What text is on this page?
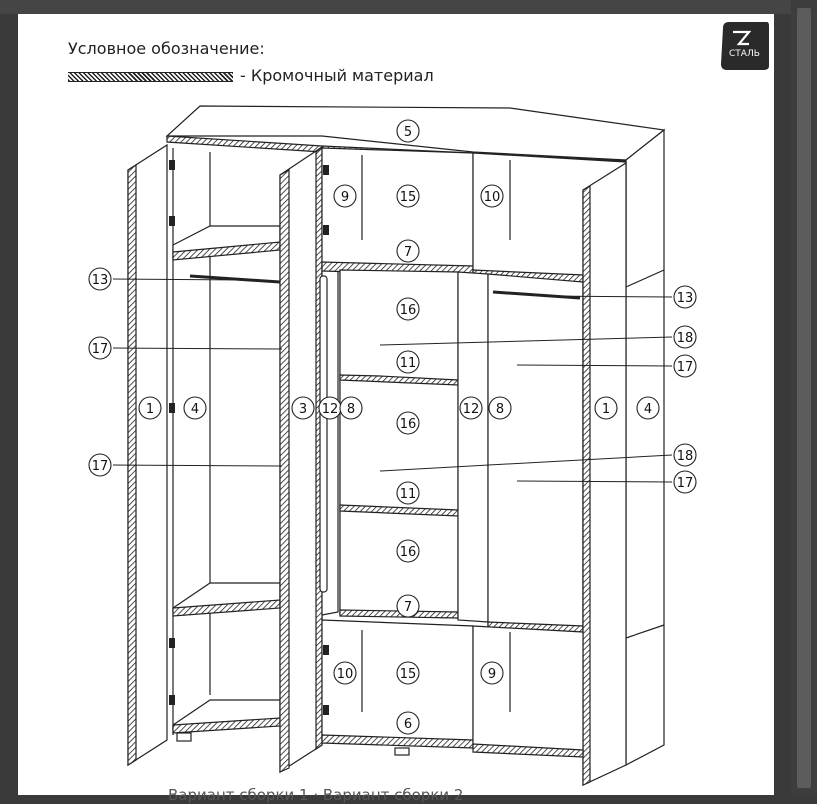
Условное обозначение:
- Кромочный материал
СТАЛЬ
Вариант сборки 1 · Вариант сборки 2
5
9	15	10
7
13
13
16
18
17
11	17
1	4	3 12 8	12 8	1	4
16
18
17
17
11
16
7
10	15	9
6
